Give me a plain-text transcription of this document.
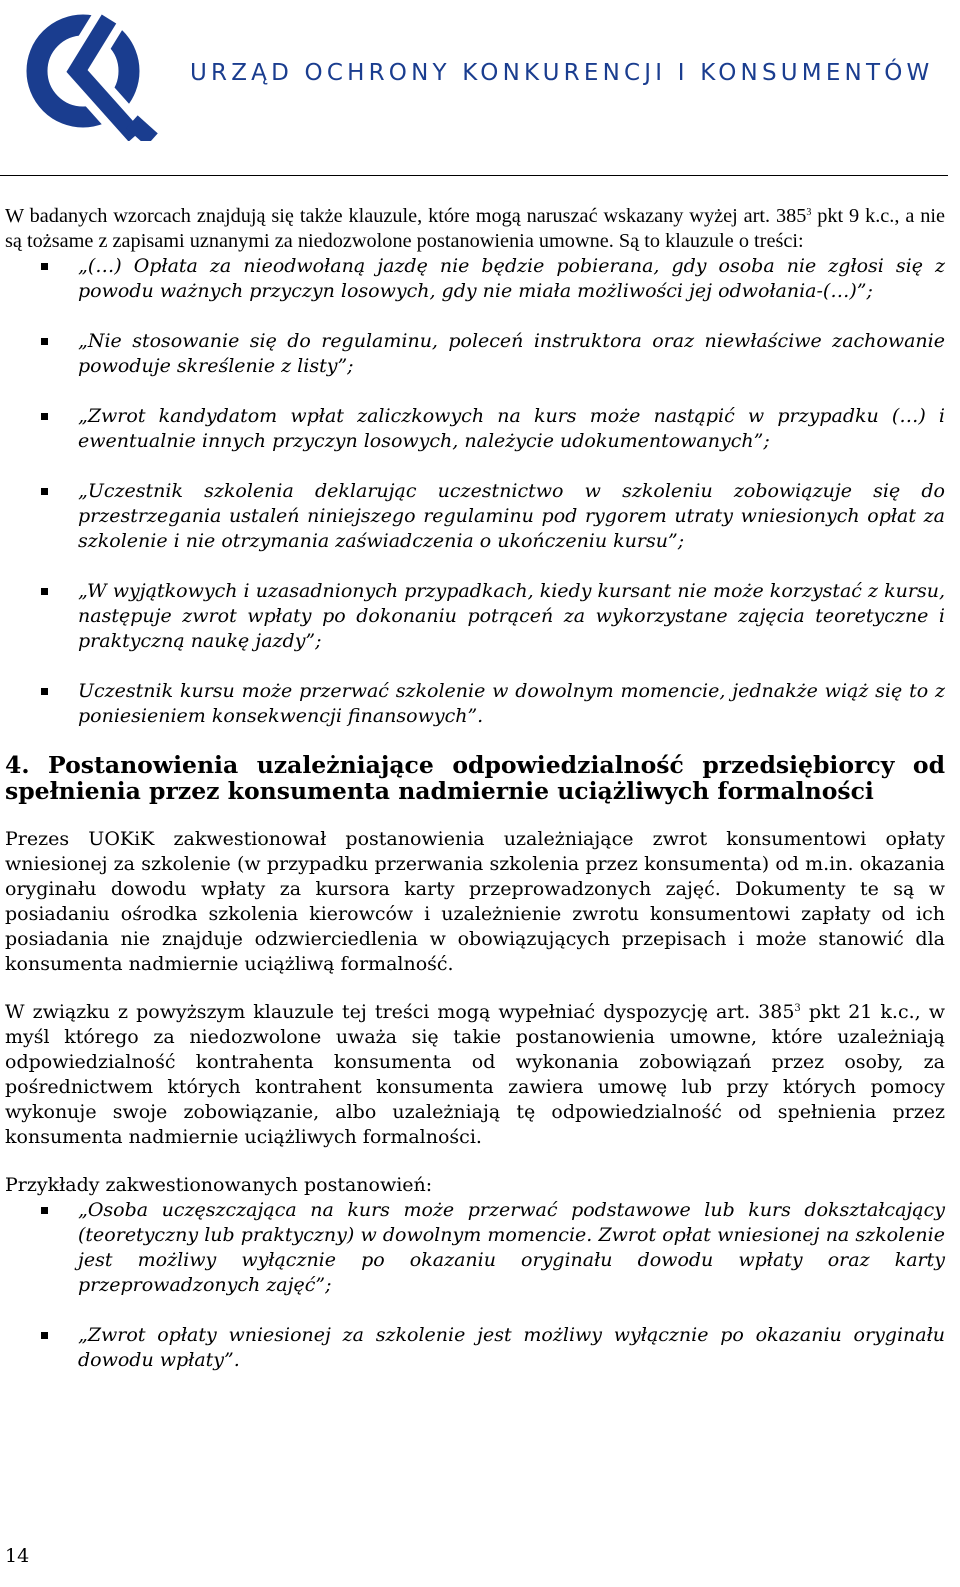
URZĄD OCHRONY KONKURENCJI I KONSUMENTÓW

W badanych wzorcach znajdują się także klauzule, które mogą naruszać wskazany wyżej art. $385^3$ pkt 9 k.c., a nie są tożsame z zapisami uznanymi za niedozwolone postanowienia umowne. Są to klauzule o treści:

„(…) Opłata za nieodwołaną jazdę nie będzie pobierana, gdy osoba nie zgłosi się z powodu ważnych przyczyn losowych, gdy nie miała możliwości jej odwołania-(…)”;
„Nie stosowanie się do regulaminu, poleceń instruktora oraz niewłaściwe zachowanie powoduje skreślenie z listy”;
„Zwrot kandydatom wpłat zaliczkowych na kurs może nastąpić w przypadku (…) i ewentualnie innych przyczyn losowych, należycie udokumentowanych”;
„Uczestnik szkolenia deklarując uczestnictwo w szkoleniu zobowiązuje się do przestrzegania ustaleń niniejszego regulaminu pod rygorem utraty wniesionych opłat za szkolenie i nie otrzymania zaświadczenia o ukończeniu kursu”;
„W wyjątkowych i uzasadnionych przypadkach, kiedy kursant nie może korzystać z kursu, następuje zwrot wpłaty po dokonaniu potrąceń za wykorzystane zajęcia teoretyczne i praktyczną naukę jazdy”;
Uczestnik kursu może przerwać szkolenie w dowolnym momencie, jednakże wiąż się to z poniesieniem konsekwencji finansowych”.
4. Postanowienia uzależniające odpowiedzialność przedsiębiorcy od spełnienia przez konsumenta nadmiernie uciążliwych formalności

Prezes UOKiK zakwestionował postanowienia uzależniające zwrot konsumentowi opłaty wniesionej za szkolenie (w przypadku przerwania szkolenia przez konsumenta) od m.in. okazania oryginału dowodu wpłaty za kursora karty przeprowadzonych zajęć. Dokumenty te są w posiadaniu ośrodka szkolenia kierowców i uzależnienie zwrotu konsumentowi zapłaty od ich posiadania nie znajduje odzwierciedlenia w obowiązujących przepisach i może stanowić dla konsumenta nadmiernie uciążliwą formalność.

W związku z powyższym klauzule tej treści mogą wypełniać dyspozycję art. $385^3$ pkt 21 k.c., w myśl którego za niedozwolone uważa się takie postanowienia umowne, które uzależniają odpowiedzialność kontrahenta konsumenta od wykonania zobowiązań przez osoby, za pośrednictwem których kontrahent konsumenta zawiera umowę lub przy których pomocy wykonuje swoje zobowiązanie, albo uzależniają tę odpowiedzialność od spełnienia przez konsumenta nadmiernie uciążliwych formalności.

Przykłady zakwestionowanych postanowień:

„Osoba uczęszczająca na kurs może przerwać podstawowe lub kurs dokształcający (teoretyczny lub praktyczny) w dowolnym momencie. Zwrot opłat wniesionej na szkolenie jest możliwy wyłącznie po okazaniu oryginału dowodu wpłaty oraz karty przeprowadzonych zajęć”;
„Zwrot opłaty wniesionej za szkolenie jest możliwy wyłącznie po okazaniu oryginału dowodu wpłaty”.
14
